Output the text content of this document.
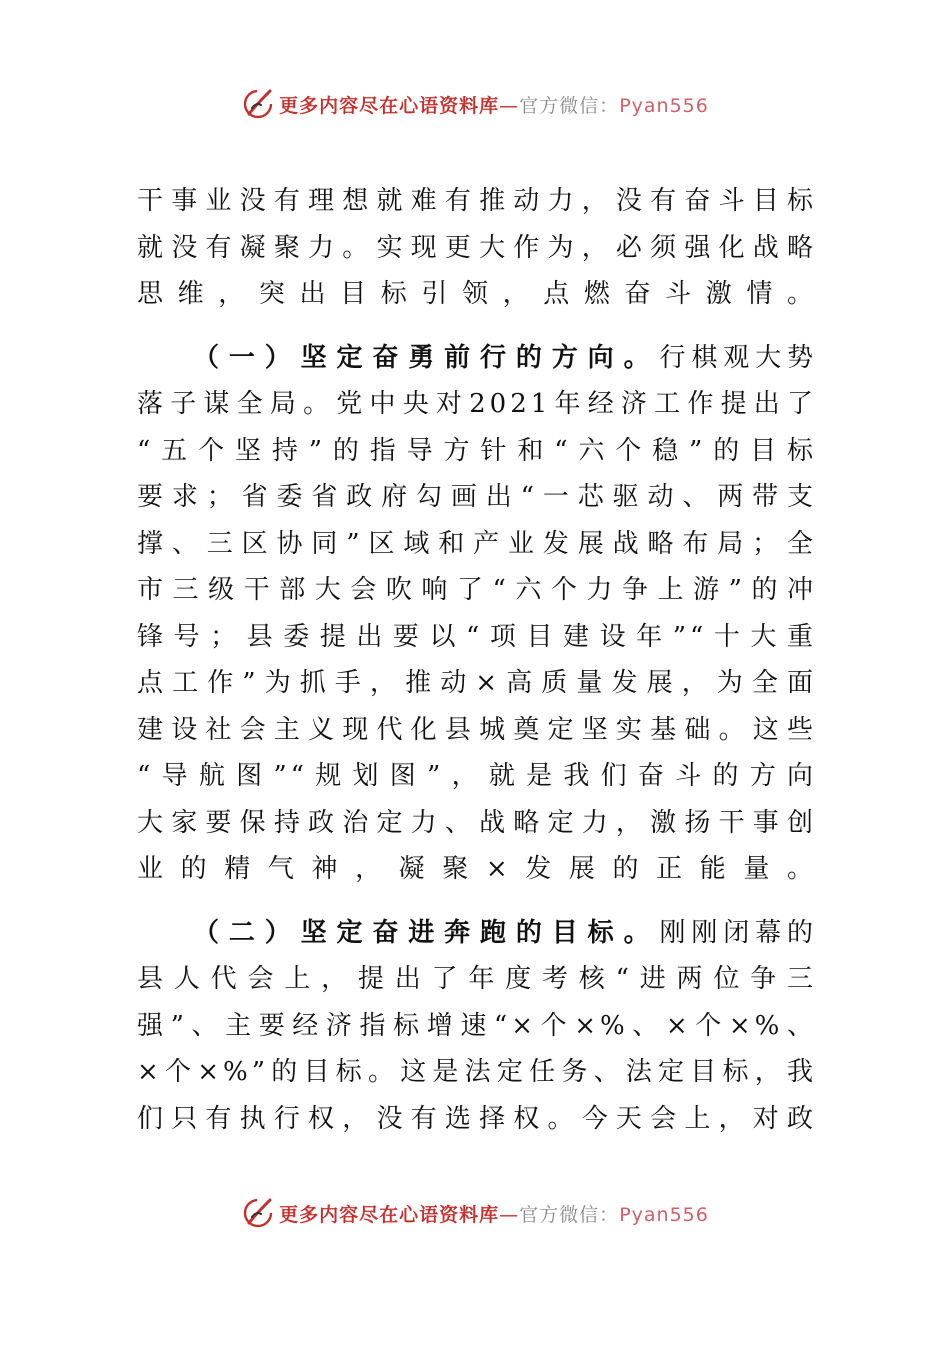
更多内容尽在心语资料库—官方微信：Pyan556

干事业没有理想就难有推动力，没有奋斗目标
就没有凝聚力。实现更大作为，必须强化战略
思维，突出目标引领，点燃奋斗激情。

（一）坚定奋勇前行的方向。行棋观大势
落子谋全局。党中央对2021年经济工作提出了
“五个坚持”的指导方针和“六个稳”的目标
要求；省委省政府勾画出“一芯驱动、两带支
撑、三区协同”区域和产业发展战略布局；全
市三级干部大会吹响了“六个力争上游”的冲
锋号；县委提出要以“项目建设年”“十大重
点工作”为抓手，推动×高质量发展，为全面
建设社会主义现代化县城奠定坚实基础。这些
“导航图”“规划图”，就是我们奋斗的方向
大家要保持政治定力、战略定力，激扬干事创
业的精气神，凝聚×发展的正能量。

（二）坚定奋进奔跑的目标。刚刚闭幕的
县人代会上，提出了年度考核“进两位争三
强”、主要经济指标增速“×个×%、×个×%、
×个×%”的目标。这是法定任务、法定目标，我
们只有执行权，没有选择权。今天会上，对政

更多内容尽在心语资料库—官方微信：Pyan556
